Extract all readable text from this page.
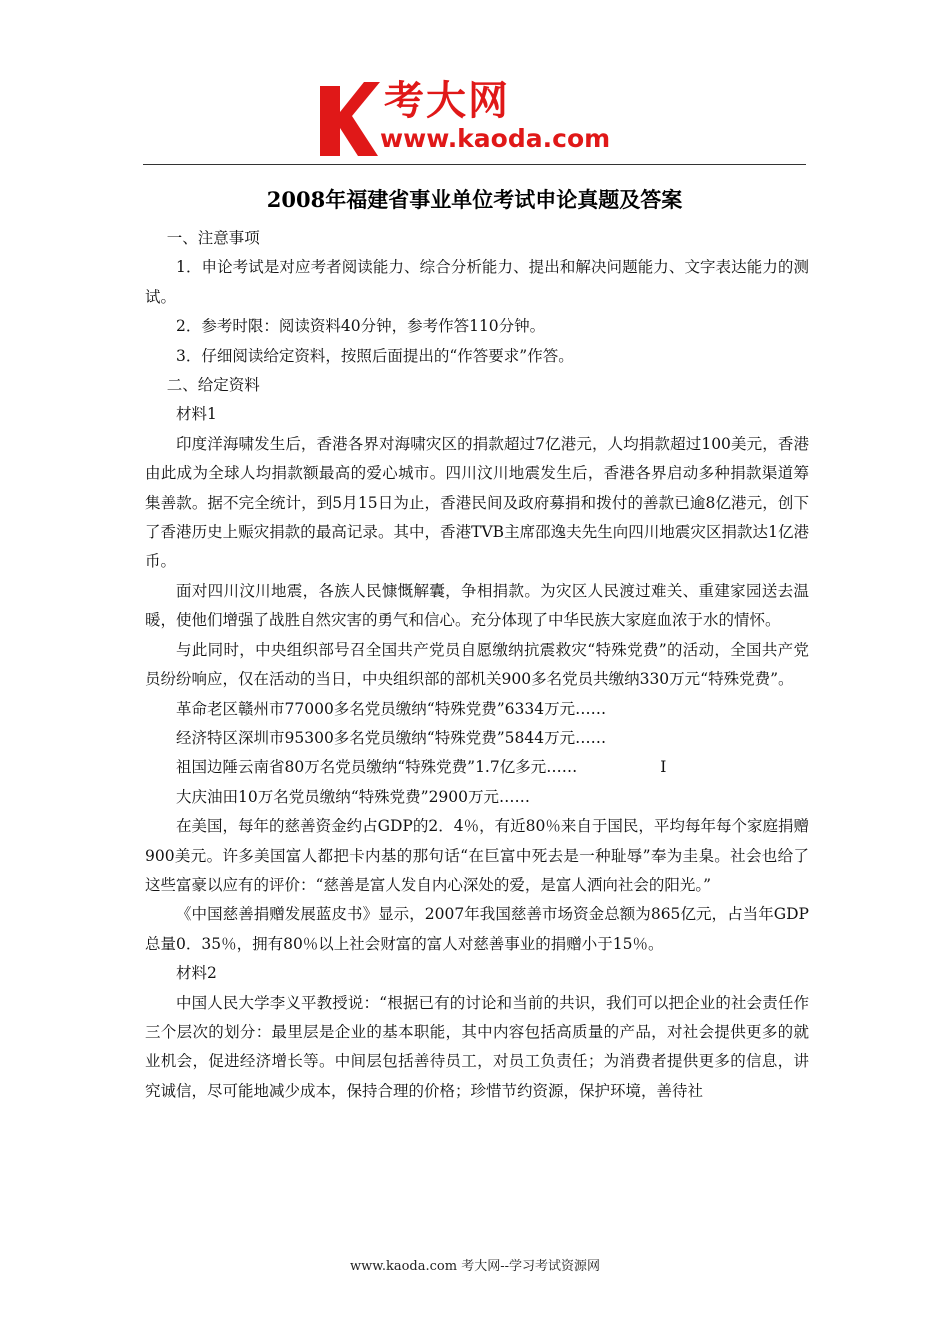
考大网
www.kaoda.com
2008年福建省事业单位考试申论真题及答案

一、注意事项

1．申论考试是对应考者阅读能力、综合分析能力、提出和解决问题能力、文字表达能力的测试。

2．参考时限：阅读资料40分钟，参考作答110分钟。

3．仔细阅读给定资料，按照后面提出的“作答要求”作答。

二、给定资料

材料1

印度洋海啸发生后，香港各界对海啸灾区的捐款超过7亿港元，人均捐款超过100美元，香港由此成为全球人均捐款额最高的爱心城市。四川汶川地震发生后，香港各界启动多种捐款渠道筹集善款。据不完全统计，到5月15日为止，香港民间及政府募捐和拨付的善款已逾8亿港元，创下了香港历史上赈灾捐款的最高记录。其中，香港TVB主席邵逸夫先生向四川地震灾区捐款达1亿港币。

面对四川汶川地震，各族人民慷慨解囊，争相捐款。为灾区人民渡过难关、重建家园送去温暖，使他们增强了战胜自然灾害的勇气和信心。充分体现了中华民族大家庭血浓于水的情怀。

与此同时，中央组织部号召全国共产党员自愿缴纳抗震救灾“特殊党费”的活动，全国共产党员纷纷响应，仅在活动的当日，中央组织部的部机关900多名党员共缴纳330万元“特殊党费”。

革命老区赣州市77000多名党员缴纳“特殊党费”6334万元……

经济特区深圳市95300多名党员缴纳“特殊党费”5844万元……

祖国边陲云南省80万名党员缴纳“特殊党费”1.7亿多元……	I

大庆油田10万名党员缴纳“特殊党费”2900万元……

在美国，每年的慈善资金约占GDP的2．4％，有近80％来自于国民，平均每年每个家庭捐赠900美元。许多美国富人都把卡内基的那句话“在巨富中死去是一种耻辱”奉为圭臬。社会也给了这些富豪以应有的评价：“慈善是富人发自内心深处的爱，是富人洒向社会的阳光。”

《中国慈善捐赠发展蓝皮书》显示，2007年我国慈善市场资金总额为865亿元，占当年GDP总量0．35％，拥有80％以上社会财富的富人对慈善事业的捐赠小于15％。

材料2

中国人民大学李义平教授说：“根据已有的讨论和当前的共识，我们可以把企业的社会责任作三个层次的划分：最里层是企业的基本职能，其中内容包括高质量的产品，对社会提供更多的就业机会，促进经济增长等。中间层包括善待员工，对员工负责任；为消费者提供更多的信息，讲究诚信，尽可能地减少成本，保持合理的价格；珍惜节约资源，保护环境，善待社

www.kaoda.com 考大网--学习考试资源网
